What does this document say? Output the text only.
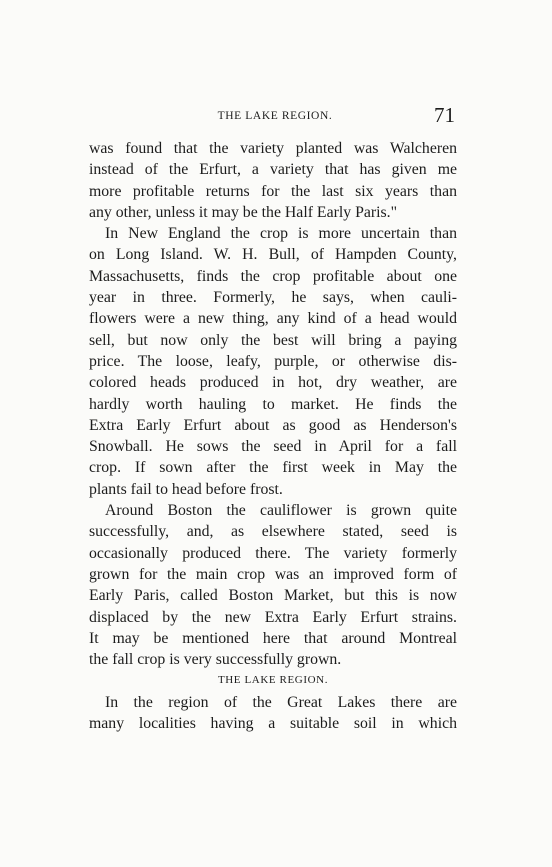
THE LAKE REGION.	71
was found that the variety planted was Walcheren
instead of the Erfurt, a variety that has given me
more profitable returns for the last six years than
any other, unless it may be the Half Early Paris."
In New England the crop is more uncertain than
on Long Island. W. H. Bull, of Hampden County,
Massachusetts, finds the crop profitable about one
year in three. Formerly, he says, when cauli-
flowers were a new thing, any kind of a head would
sell, but now only the best will bring a paying
price. The loose, leafy, purple, or otherwise dis-
colored heads produced in hot, dry weather, are
hardly worth hauling to market. He finds the
Extra Early Erfurt about as good as Henderson's
Snowball. He sows the seed in April for a fall
crop. If sown after the first week in May the
plants fail to head before frost.
Around Boston the cauliflower is grown quite
successfully, and, as elsewhere stated, seed is
occasionally produced there. The variety formerly
grown for the main crop was an improved form of
Early Paris, called Boston Market, but this is now
displaced by the new Extra Early Erfurt strains.
It may be mentioned here that around Montreal
the fall crop is very successfully grown.
THE LAKE REGION.
In the region of the Great Lakes there are
many localities having a suitable soil in which
